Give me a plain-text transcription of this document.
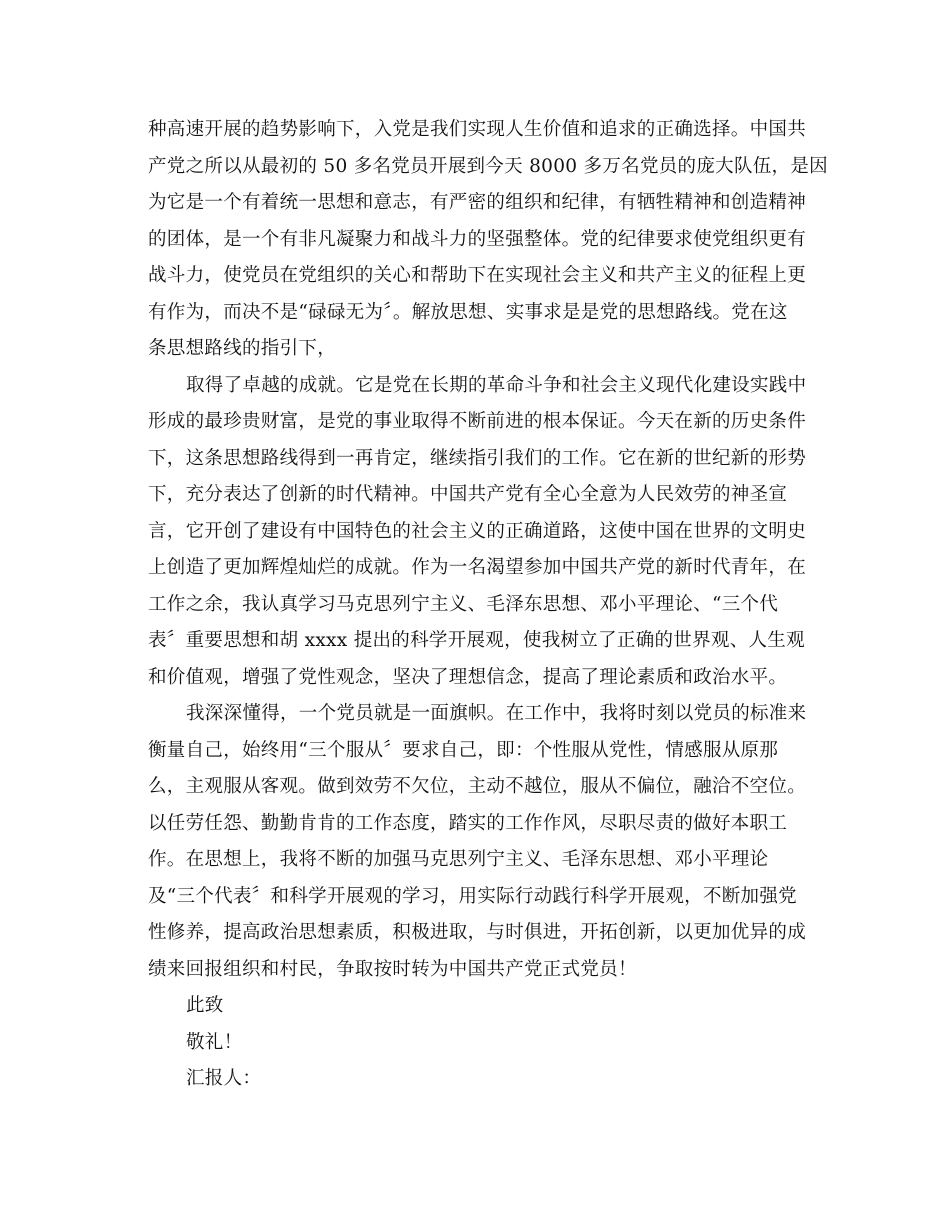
种高速开展的趋势影响下，入党是我们实现人生价值和追求的正确选择。中国共
产党之所以从最初的 50 多名党员开展到今天 8000 多万名党员的庞大队伍，是因
为它是一个有着统一思想和意志，有严密的组织和纪律，有牺牲精神和创造精神
的团体，是一个有非凡凝聚力和战斗力的坚强整体。党的纪律要求使党组织更有
战斗力，使党员在党组织的关心和帮助下在实现社会主义和共产主义的征程上更
有作为，而决不是“碌碌无为〞。解放思想、实事求是是党的思想路线。党在这
条思想路线的指引下，
取得了卓越的成就。它是党在长期的革命斗争和社会主义现代化建设实践中
形成的最珍贵财富，是党的事业取得不断前进的根本保证。今天在新的历史条件
下，这条思想路线得到一再肯定，继续指引我们的工作。它在新的世纪新的形势
下，充分表达了创新的时代精神。中国共产党有全心全意为人民效劳的神圣宣
言，它开创了建设有中国特色的社会主义的正确道路，这使中国在世界的文明史
上创造了更加辉煌灿烂的成就。作为一名渴望参加中国共产党的新时代青年，在
工作之余，我认真学习马克思列宁主义、毛泽东思想、邓小平理论、“三个代
表〞重要思想和胡 xxxx 提出的科学开展观，使我树立了正确的世界观、人生观
和价值观，增强了党性观念，坚决了理想信念，提高了理论素质和政治水平。
我深深懂得，一个党员就是一面旗帜。在工作中，我将时刻以党员的标准来
衡量自己，始终用“三个服从〞要求自己，即：个性服从党性，情感服从原那
么，主观服从客观。做到效劳不欠位，主动不越位，服从不偏位，融洽不空位。
以任劳任怨、勤勤肯肯的工作态度，踏实的工作作风，尽职尽责的做好本职工
作。在思想上，我将不断的加强马克思列宁主义、毛泽东思想、邓小平理论
及“三个代表〞和科学开展观的学习，用实际行动践行科学开展观，不断加强党
性修养，提高政治思想素质，积极进取，与时俱进，开拓创新，以更加优异的成
绩来回报组织和村民，争取按时转为中国共产党正式党员！
此致
敬礼！
汇报人：
